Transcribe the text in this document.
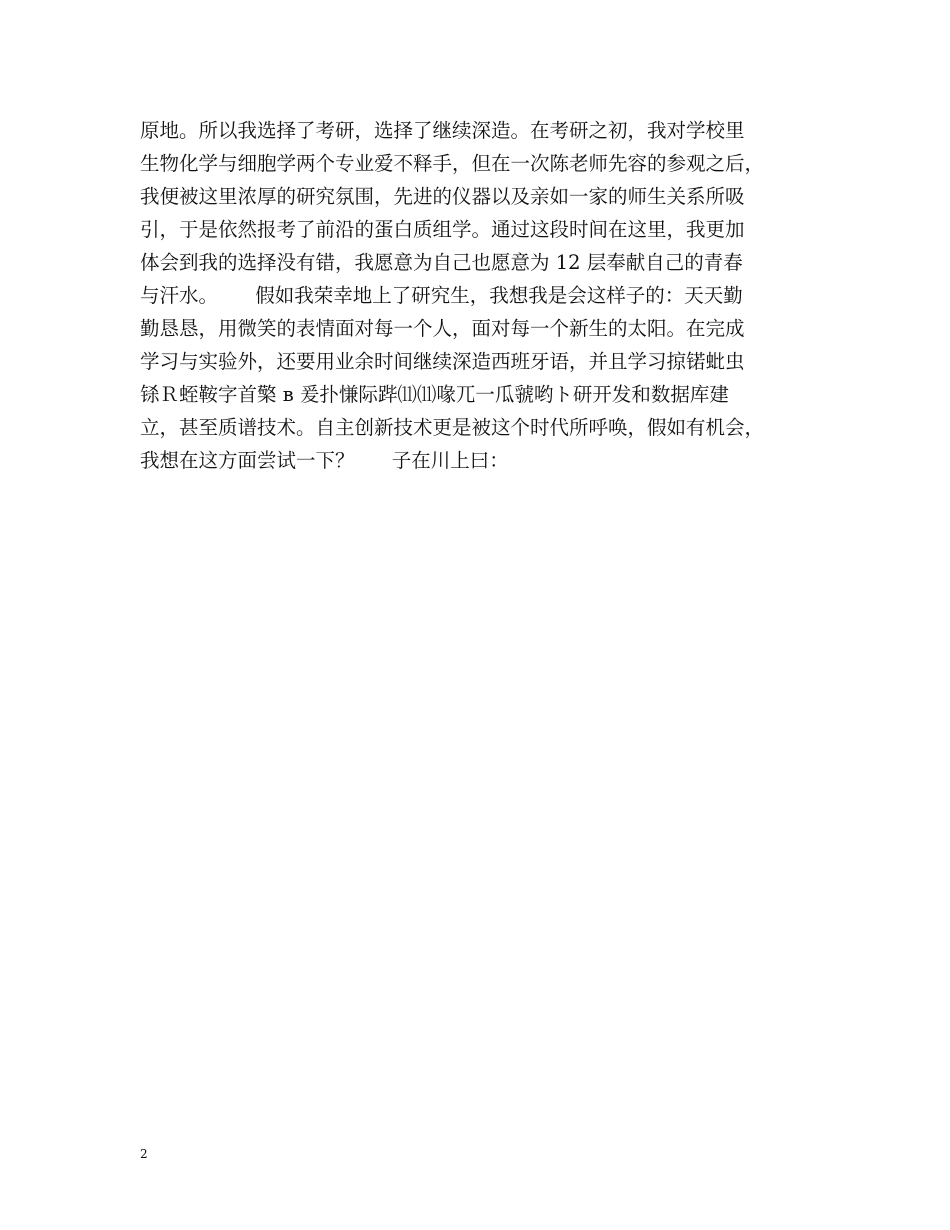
原地。所以我选择了考研，选择了继续深造。在考研之初，我对学校里
生物化学与细胞学两个专业爱不释手，但在一次陈老师先容的参观之后，
我便被这里浓厚的研究氛围，先进的仪器以及亲如一家的师生关系所吸
引，于是依然报考了前沿的蛋白质组学。通过这段时间在这里，我更加
体会到我的选择没有错，我愿意为自己也愿意为 12 层奉献自己的青春
与汗水。      假如我荣幸地上了研究生，我想我是会这样子的：天天勤
勤恳恳，用微笑的表情面对每一个人，面对每一个新生的太阳。在完成
学习与实验外，还要用业余时间继续深造西班牙语，并且学习掠锘蚍虫
铩Ｒ蛭鞍字首檠 в 爰扑慊际跸⑾⑾喙兀一瓜虢哟ト研开发和数据库建
立，甚至质谱技术。自主创新技术更是被这个时代所呼唤，假如有机会，
我想在这方面尝试一下？      子在川上曰：
2
